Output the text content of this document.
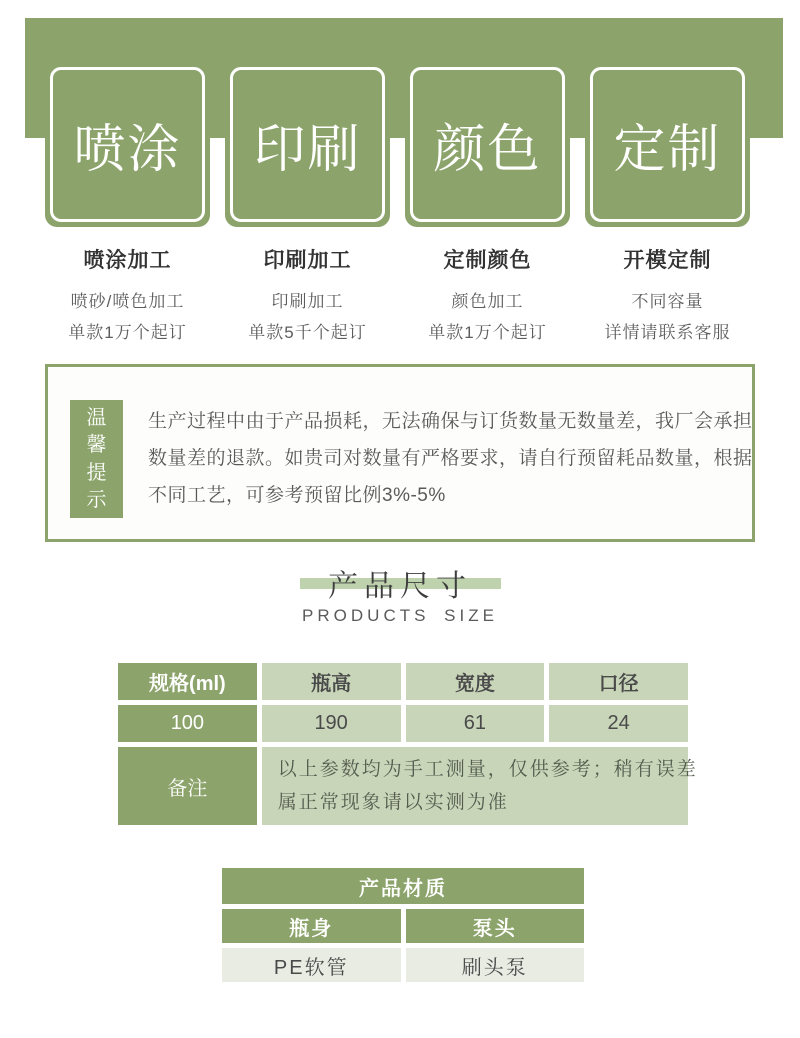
喷涂 印刷 颜色 定制
喷涂加工
喷砂/喷色加工
单款1万个起订
印刷加工
印刷加工
单款5千个起订
定制颜色
颜色加工
单款1万个起订
开模定制
不同容量
详情请联系客服
温
馨
提
示
生产过程中由于产品损耗，无法确保与订货数量无数量差，我厂会承担
数量差的退款。如贵司对数量有严格要求，请自行预留耗品数量，根据
不同工艺，可参考预留比例3%-5%
产品尺寸
PRODUCTS SIZE
规格(ml)	瓶高	宽度	口径
100	190	61	24
备注
以上参数均为手工测量，仅供参考；稍有误差
属正常现象请以实测为准
产品材质
瓶身	泵头
PE软管	刷头泵
